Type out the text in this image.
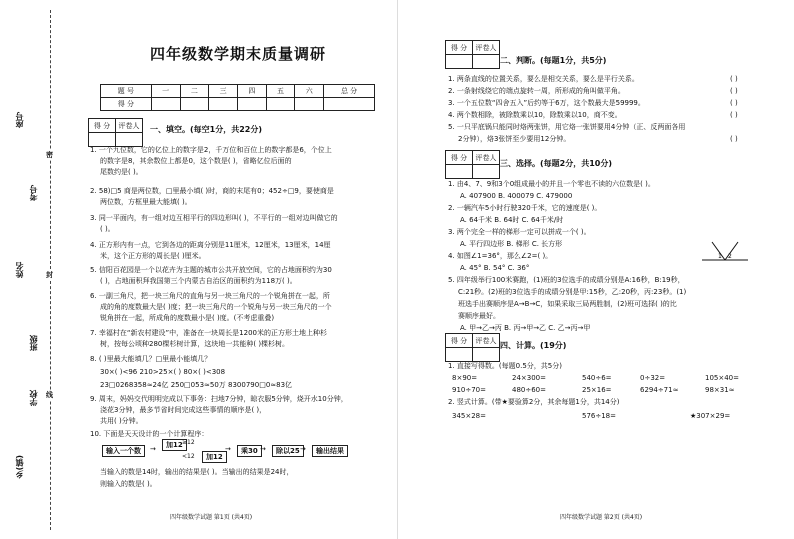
座号
考号
姓名
班级
学校
乡(镇)
密
封
线
四年级数学期末质量调研
题 号	一	二	三	四	五	六	总 分
得 分							
得 分	评卷人
	一、填空。(每空1分，共22分)
1. 一个九位数，它的亿位上的数字是2，千万位和百位上的数字都是6，个位上
的数字是8，其余数位上都是0，这个数是( )，省略亿位后面的
尾数约是( )。
2. 58)□5 商是两位数，□里最小填( )时，商的末尾有0；452÷□9，要使商是
两位数，方框里最大能填( )。
3. 同一平面内，有一组对边互相平行的四边形叫( )，不平行的一组对边叫做它的
( )。
4. 正方形内有一点，它到各边的距离分别是11厘米，12厘米，13厘米，14厘
米，这个正方形的周长是( )厘米。
5. 信阳百花园是一个以花卉为主题的城市公共开放空间，它的占地面积约为30
( )，占地面积拜我国第三个内蒙古自治区的面积约为118万( )。
6. 一副三角尺，把一块三角尺的直角与另一块三角尺的一个锐角拼在一起，所
成的角的度数最大是( )度；把一块三角尺的一个锐角与另一块三角尺的一个
锐角拼在一起，所成角的度数最小是( )度。(不考虑重叠)
7. 幸福村在“新农村建设”中，准备在一块周长是1200米的正方形土地上种杉
树，按每公顷种280棵杉树计算，这块地一共能种( )棵杉树。
8. ( )里最大能填几？□里最小能填几？
30×( )<96 210>25×( ) 80×( )<308
23□0268358≈24亿 250□053≈50万 8300790□0≈83亿
9. 周末，妈妈交代明明完成以下事务：扫地7分钟，晾衣服5分钟，烧开水10分钟，
浇花3分钟，最多节省时间完成这些事情的顺序是( )，
共用( )分钟。
10. 下面是天天设计的一个计算程序：
当输入的数是14时，输出的结果是( )。当输出的结果是24时，
则输入的数是( )。
输入一个数	→	加12 ≥12
<12	加12
→	乘30 →	除以25 →	输出结果
四年级数学试题 第1页 (共4页)
得 分	评卷人

二、判断。(每题1分，共5分)
1. 两条直线的位置关系，要么是相交关系，要么是平行关系。	( )
2. 一条射线绕它的端点旋转一周，所形成的角叫做平角。	( )
3. 一个五位数“四舍五入”后约等于6万，这个数最大是59999。	( )
4. 两个数相除，被除数乘以10，除数乘以10，商不变。	( )
5. 一只平底锅只能同时烙两张饼，用它烙一张饼要用4分钟（正、反两面各用
2分钟），烙3张饼至少要用12分钟。	( )
得 分	评卷人

三、选择。(每题2分，共10分)
1. 由4、7、9和3个0组成最小的并且一个零也不读的六位数是( )。
A. 407900 B. 400079 C. 479000
2. 一辆汽车5小时行驶320千米，它的速度是( )。
A. 64千米 B. 64时 C. 64千米/时
3. 两个完全一样的梯形一定可以拼成一个( )。
A. 平行四边形 B. 梯形 C. 长方形
4. 如图∠1=36°，那么∠2=( )。
A. 45° B. 54° C. 36°
5. 四年级举行100米赛跑，(1)班的3位选手的成绩分别是A:16秒，B:19秒，
C:21秒。(2)班的3位选手的成绩分别是甲:15秒，乙:20秒，丙:23秒。(1)
班选手出赛顺序是A→B→C，如果采取三局两胜制，(2)班可选择( )的比
赛顺序最好。
A. 甲→乙→丙 B. 丙→甲→乙 C. 乙→丙→甲
1 2
得 分	评卷人

四、计算。(19分)
1. 直接写得数。(每题0.5分，共5分)
8×90=	24×300=	540÷6=	0÷32=	105×40=
910÷70=	480÷60=	25×16=	6294÷71≈	98×31≈
2. 竖式计算。(带★要验算2分，其余每题1分，共14分)
345×28=	576÷18=	★307×29=
四年级数学试题 第2页 (共4页)
